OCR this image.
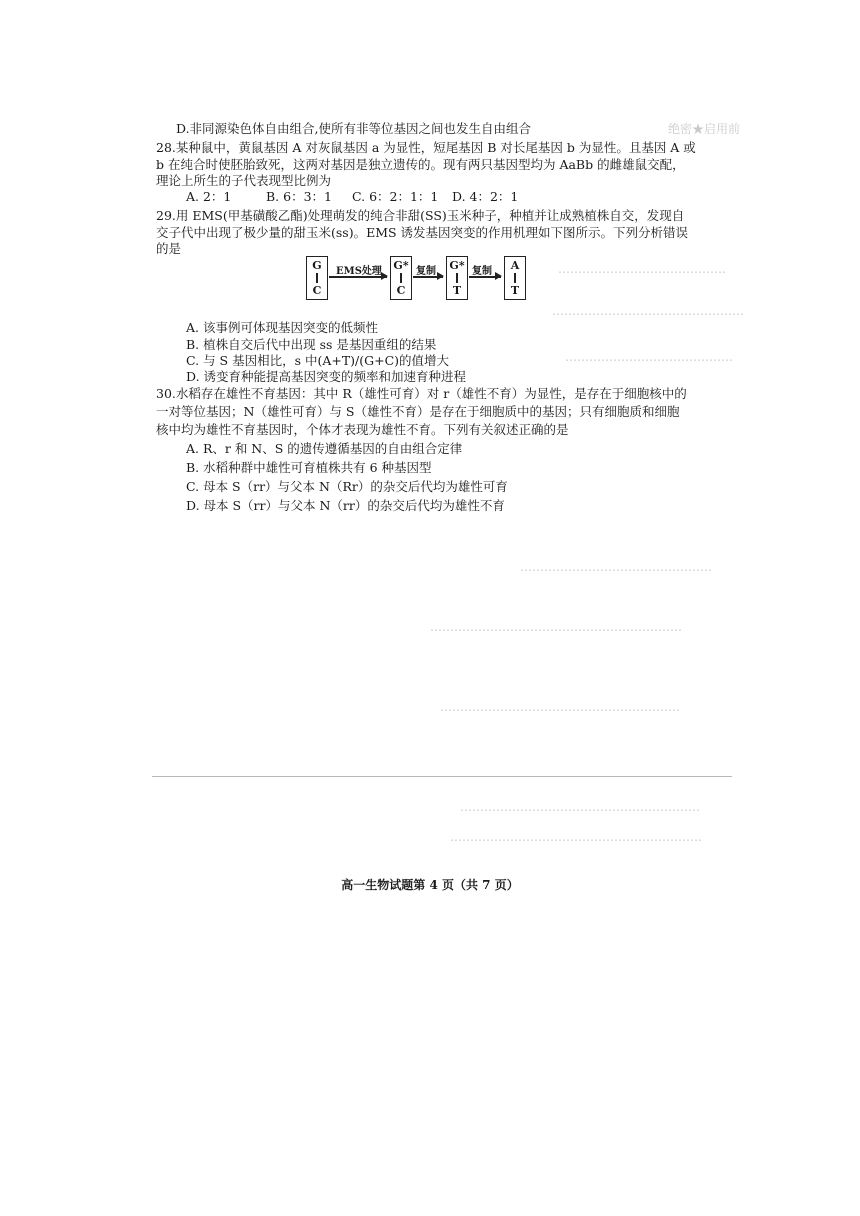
绝密★启用前
……………………………………
…………………………………………
……………………………………
D.非同源染色体自由组合,使所有非等位基因之间也发生自由组合
28.某种鼠中，黄鼠基因 A 对灰鼠基因 a 为显性，短尾基因 B 对长尾基因 b 为显性。且基因 A 或
b 在纯合时使胚胎致死，这两对基因是独立遗传的。现有两只基因型均为 AaBb 的雌雄鼠交配，
理论上所生的子代表现型比例为
A. 2：1	B. 6：3：1 C. 6：2：1：1 D. 4：2：1
29.用 EMS(甲基磺酸乙酯)处理萌发的纯合非甜(SS)玉米种子，种植并让成熟植株自交，发现自
交子代中出现了极少量的甜玉米(ss)。EMS 诱发基因突变的作用机理如下图所示。下列分析错误
的是
G
C
EMS处理 G*
C
复制 G*
T
复制	A
T
A. 该事例可体现基因突变的低频性
B. 植株自交后代中出现 ss 是基因重组的结果
C. 与 S 基因相比，s 中(A+T)/(G+C)的值增大
D. 诱变育种能提高基因突变的频率和加速育种进程
30.水稻存在雄性不育基因：其中 R（雄性可育）对 r（雄性不育）为显性，是存在于细胞核中的
一对等位基因；N（雄性可育）与 S（雄性不育）是存在于细胞质中的基因；只有细胞质和细胞
核中均为雄性不育基因时，个体才表现为雄性不育。下列有关叙述正确的是
A. R、r 和 N、S 的遗传遵循基因的自由组合定律
B. 水稻种群中雄性可育植株共有 6 种基因型
C. 母本 S（rr）与父本 N（Rr）的杂交后代均为雄性可育
D. 母本 S（rr）与父本 N（rr）的杂交后代均为雄性不育
…………………………………………
………………………………………………………
……………………………………………………
……………………………………………………
………………………………………………………
高一生物试题第 4 页（共 7 页）
